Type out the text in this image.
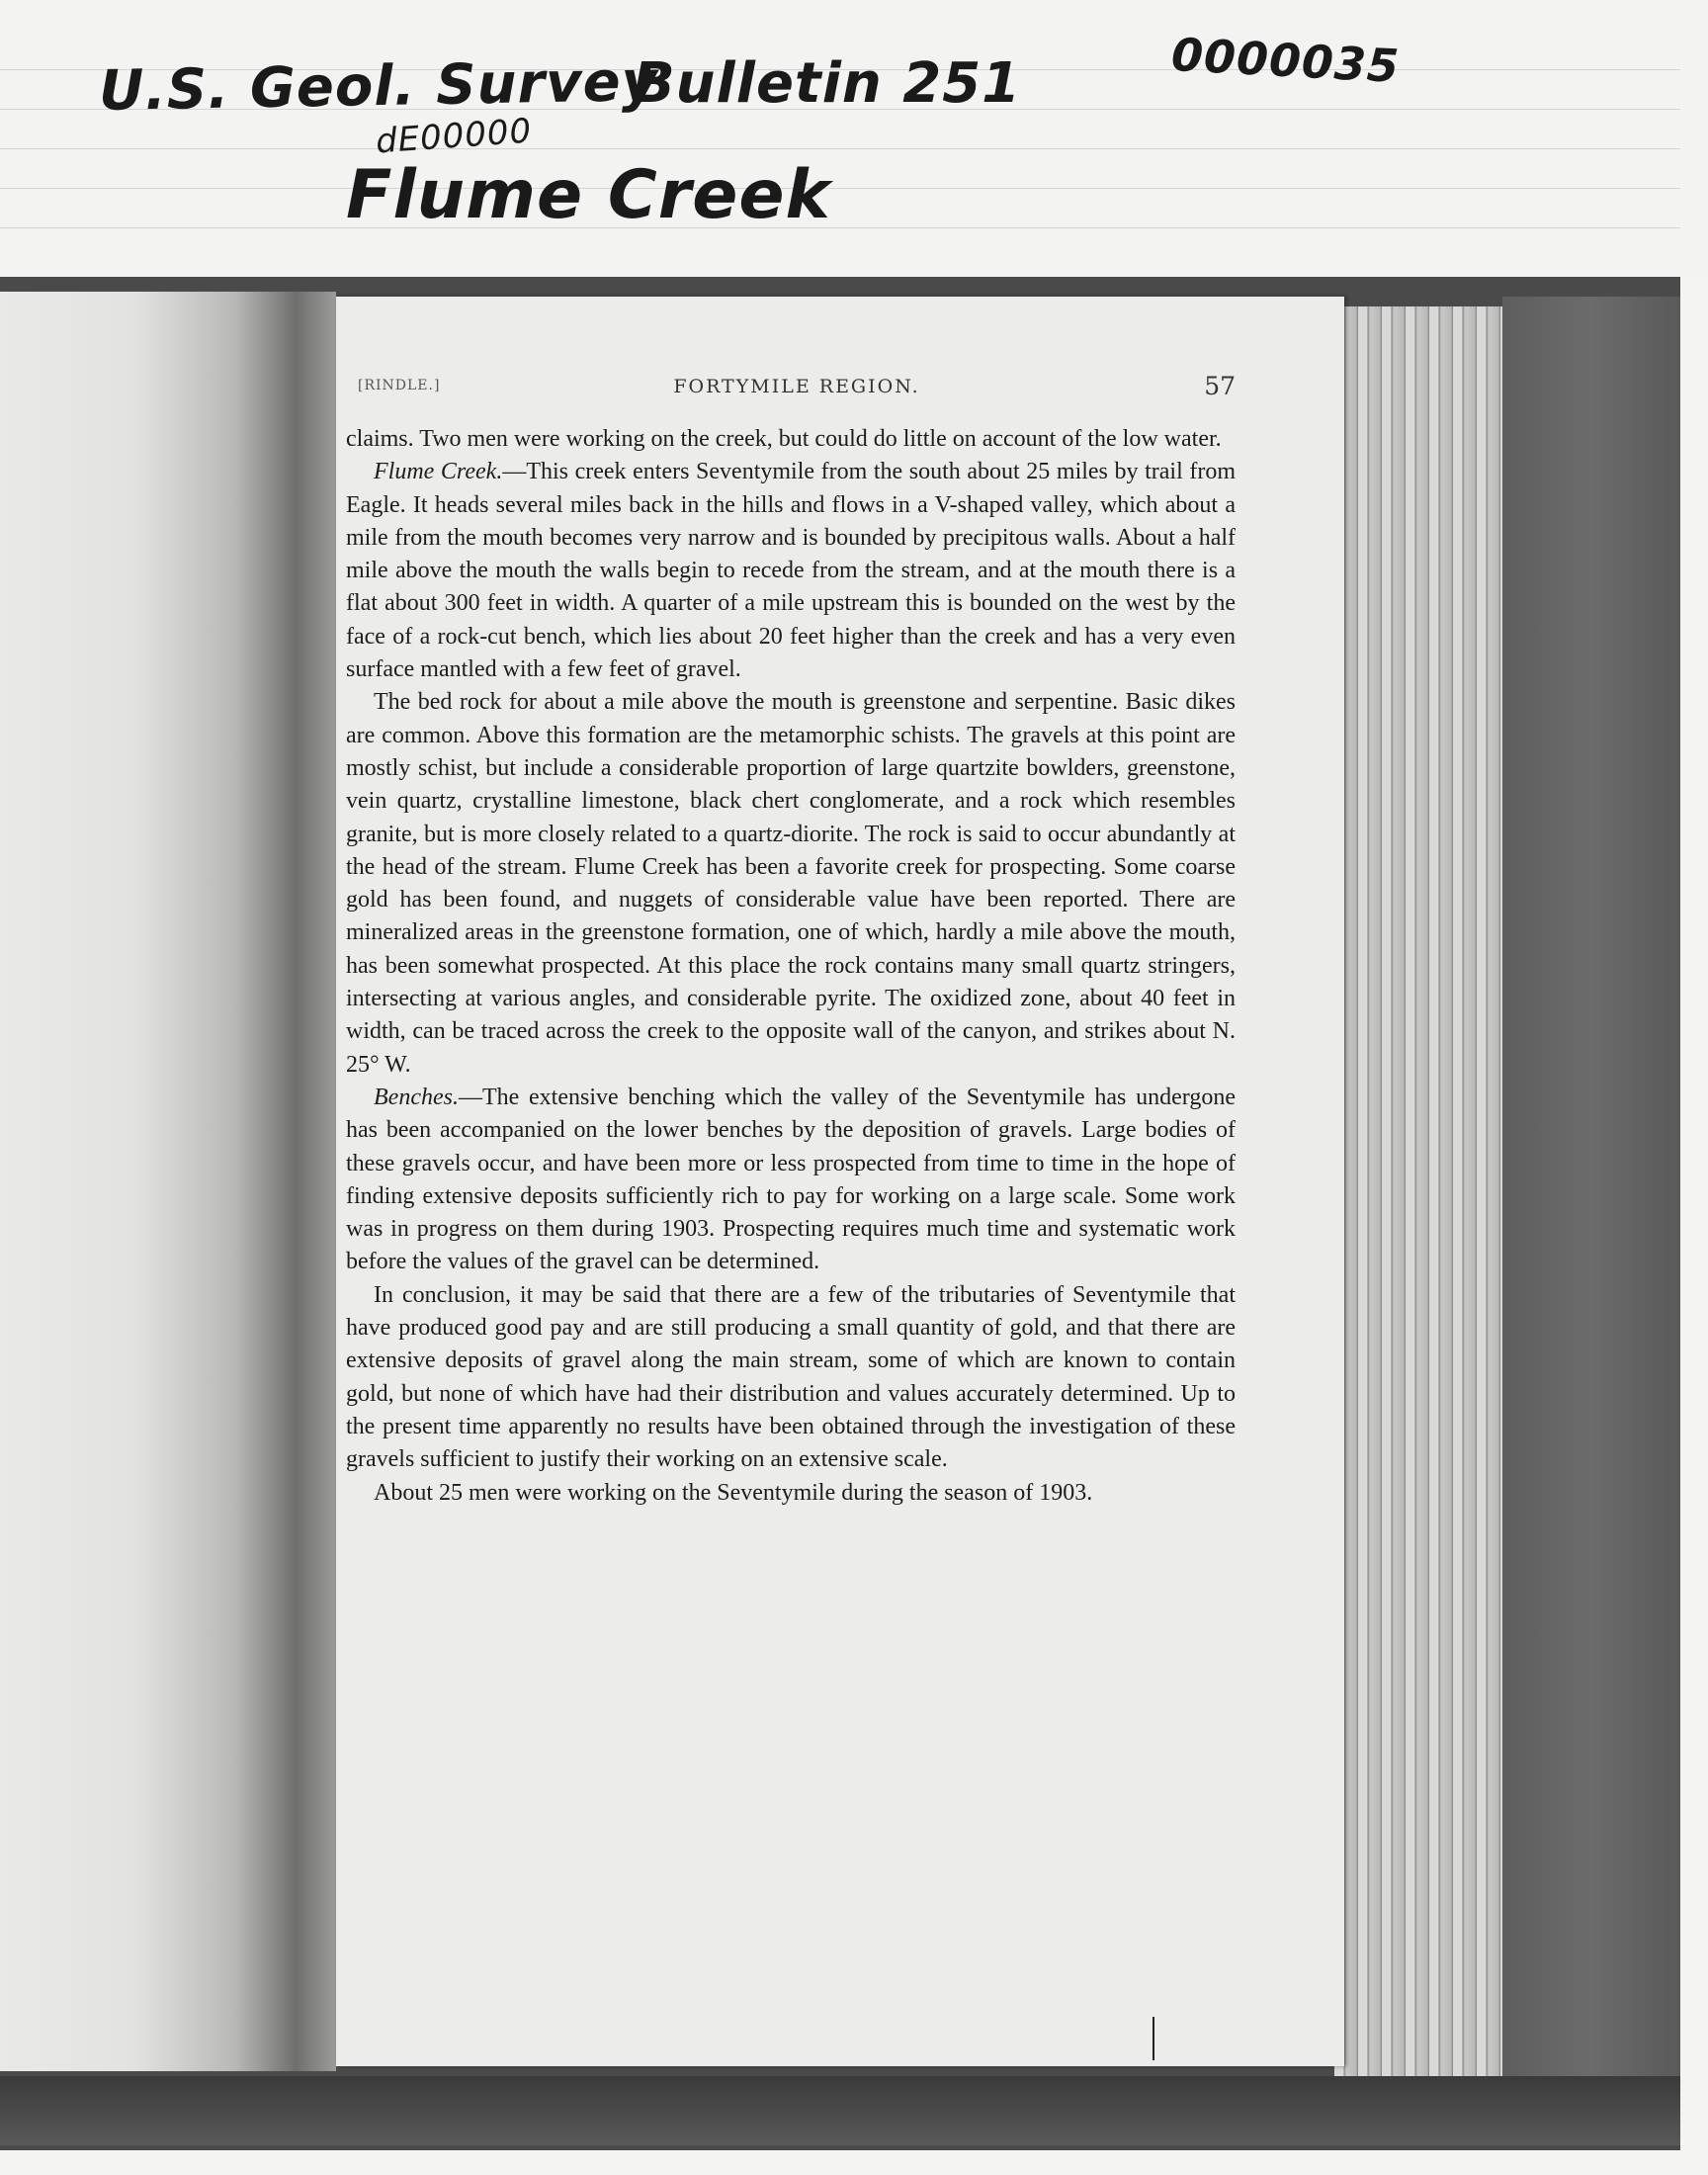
U.S. Geol. Survey
Bulletin 251	0000035
dE00000
Flume Creek
[RINDLE.]	FORTYMILE REGION.	57

claims. Two men were working on the creek, but could do little on account of the low water.

Flume Creek.—This creek enters Seventymile from the south about 25 miles by trail from Eagle. It heads several miles back in the hills and flows in a V-shaped valley, which about a mile from the mouth becomes very narrow and is bounded by precipitous walls. About a half mile above the mouth the walls begin to recede from the stream, and at the mouth there is a flat about 300 feet in width. A quarter of a mile upstream this is bounded on the west by the face of a rock-cut bench, which lies about 20 feet higher than the creek and has a very even surface mantled with a few feet of gravel.

The bed rock for about a mile above the mouth is greenstone and serpentine. Basic dikes are common. Above this formation are the metamorphic schists. The gravels at this point are mostly schist, but include a considerable proportion of large quartzite bowlders, greenstone, vein quartz, crystalline limestone, black chert conglomerate, and a rock which resembles granite, but is more closely related to a quartz-diorite. The rock is said to occur abundantly at the head of the stream. Flume Creek has been a favorite creek for prospecting. Some coarse gold has been found, and nuggets of considerable value have been reported. There are mineralized areas in the greenstone formation, one of which, hardly a mile above the mouth, has been somewhat prospected. At this place the rock contains many small quartz stringers, intersecting at various angles, and considerable pyrite. The oxidized zone, about 40 feet in width, can be traced across the creek to the opposite wall of the canyon, and strikes about N. 25° W.

Benches.—The extensive benching which the valley of the Seventymile has undergone has been accompanied on the lower benches by the deposition of gravels. Large bodies of these gravels occur, and have been more or less prospected from time to time in the hope of finding extensive deposits sufficiently rich to pay for working on a large scale. Some work was in progress on them during 1903. Prospecting requires much time and systematic work before the values of the gravel can be determined.

In conclusion, it may be said that there are a few of the tributaries of Seventymile that have produced good pay and are still producing a small quantity of gold, and that there are extensive deposits of gravel along the main stream, some of which are known to contain gold, but none of which have had their distribution and values accurately determined. Up to the present time apparently no results have been obtained through the investigation of these gravels sufficient to justify their working on an extensive scale.

About 25 men were working on the Seventymile during the season of 1903.
